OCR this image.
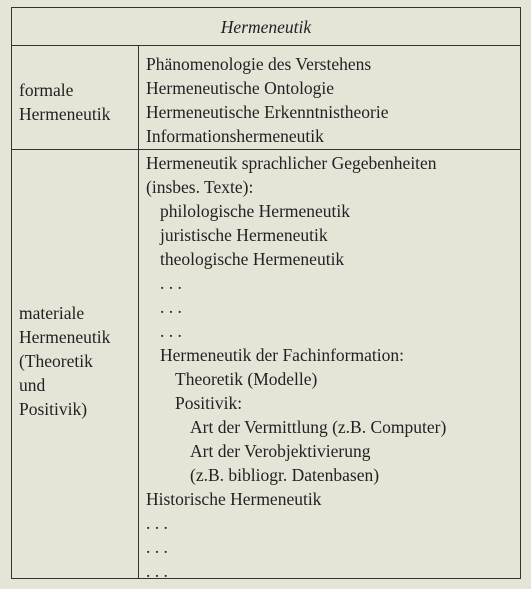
Hermeneutik
formale
Hermeneutik
Phänomenologie des Verstehens
Hermeneutische Ontologie
Hermeneutische Erkenntnistheorie
Informationshermeneutik
materiale
Hermeneutik
(Theoretik
und
Positivik)
Hermeneutik sprachlicher Gegebenheiten
(insbes. Texte):
philologische Hermeneutik
juristische Hermeneutik
theologische Hermeneutik
. . .
. . .
. . .
Hermeneutik der Fachinformation:
Theoretik (Modelle)
Positivik:
Art der Vermittlung (z.B. Computer)
Art der Verobjektivierung
(z.B. bibliogr. Datenbasen)
Historische Hermeneutik
. . .
. . .
. . .
